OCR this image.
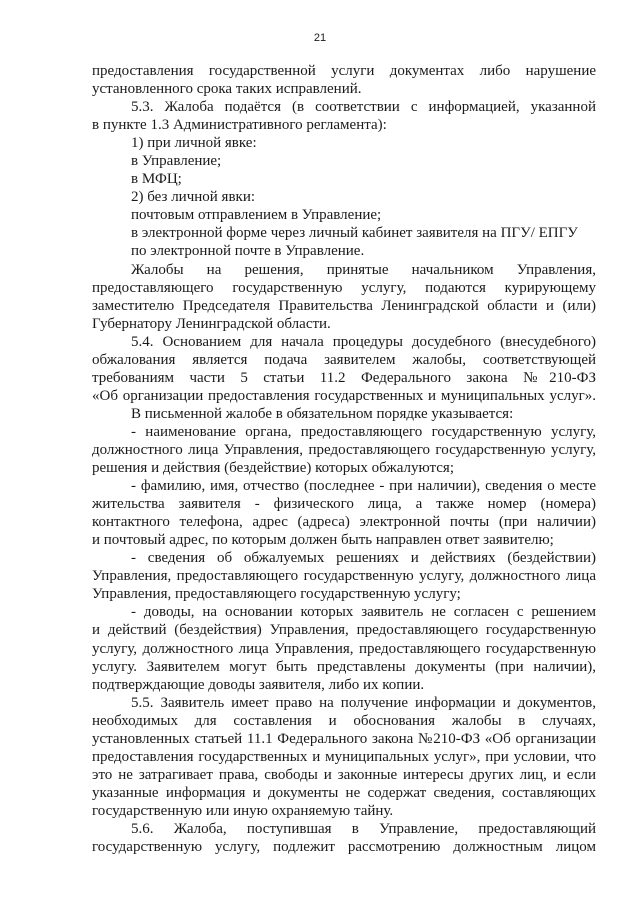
21
предоставления государственной услуги документах либо нарушение
установленного срока таких исправлений.
5.3. Жалоба подаётся (в соответствии с информацией, указанной
в пункте 1.3 Административного регламента):
1) при личной явке:
в Управление;
в МФЦ;
2) без личной явки:
почтовым отправлением в Управление;
в электронной форме через личный кабинет заявителя на ПГУ/ ЕПГУ
по электронной почте в Управление.
Жалобы на решения, принятые начальником Управления,
предоставляющего государственную услугу, подаются курирующему
заместителю Председателя Правительства Ленинградской области и (или)
Губернатору Ленинградской области.
5.4. Основанием для начала процедуры досудебного (внесудебного)
обжалования является подача заявителем жалобы, соответствующей
требованиям части 5 статьи 11.2 Федерального закона №210-ФЗ
«Об организации предоставления государственных и муниципальных услуг».
В письменной жалобе в обязательном порядке указывается:
- наименование органа, предоставляющего государственную услугу,
должностного лица Управления, предоставляющего государственную услугу,
решения и действия (бездействие) которых обжалуются;
- фамилию, имя, отчество (последнее - при наличии), сведения о месте
жительства заявителя - физического лица, а также номер (номера)
контактного телефона, адрес (адреса) электронной почты (при наличии)
и почтовый адрес, по которым должен быть направлен ответ заявителю;
- сведения об обжалуемых решениях и действиях (бездействии)
Управления, предоставляющего государственную услугу, должностного лица
Управления, предоставляющего государственную услугу;
- доводы, на основании которых заявитель не согласен с решением
и действий (бездействия) Управления, предоставляющего государственную
услугу, должностного лица Управления, предоставляющего государственную
услугу. Заявителем могут быть представлены документы (при наличии),
подтверждающие доводы заявителя, либо их копии.
5.5. Заявитель имеет право на получение информации и документов,
необходимых для составления и обоснования жалобы в случаях,
установленных статьей 11.1 Федерального закона №210-ФЗ «Об организации
предоставления государственных и муниципальных услуг», при условии, что
это не затрагивает права, свободы и законные интересы других лиц, и если
указанные информация и документы не содержат сведения, составляющих
государственную или иную охраняемую тайну.
5.6. Жалоба, поступившая в Управление, предоставляющий
государственную услугу, подлежит рассмотрению должностным лицом
